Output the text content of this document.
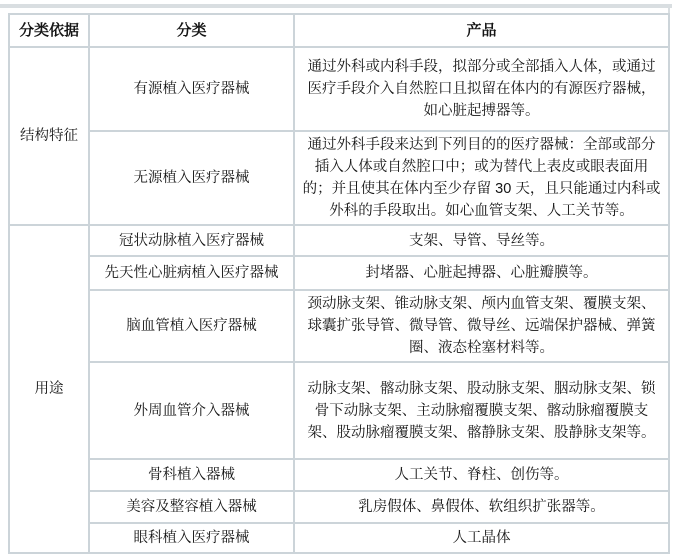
分类依据	分类	产品
结构特征	有源植入医疗器械	通过外科或内科手段，拟部分或全部插入人体，或通过医疗手段介入自然腔口且拟留在体内的有源医疗器械，如心脏起搏器等。
	无源植入医疗器械	通过外科手段来达到下列目的的医疗器械：全部或部分插入人体或自然腔口中；或为替代上表皮或眼表面用的；并且使其在体内至少存留 30 天，且只能通过内科或外科的手段取出。如心血管支架、人工关节等。
用途	冠状动脉植入医疗器械	支架、导管、导丝等。
	先天性心脏病植入医疗器械	封堵器、心脏起搏器、心脏瓣膜等。
	脑血管植入医疗器械	颈动脉支架、锥动脉支架、颅内血管支架、覆膜支架、球囊扩张导管、微导管、微导丝、远端保护器械、弹簧圈、液态栓塞材料等。
	外周血管介入器械	动脉支架、髂动脉支架、股动脉支架、胭动脉支架、锁骨下动脉支架、主动脉瘤覆膜支架、髂动脉瘤覆膜支架、股动脉瘤覆膜支架、髂静脉支架、股静脉支架等。
	骨科植入器械	人工关节、脊柱、创伤等。
	美容及整容植入器械	乳房假体、鼻假体、软组织扩张器等。
	眼科植入医疗器械	人工晶体
